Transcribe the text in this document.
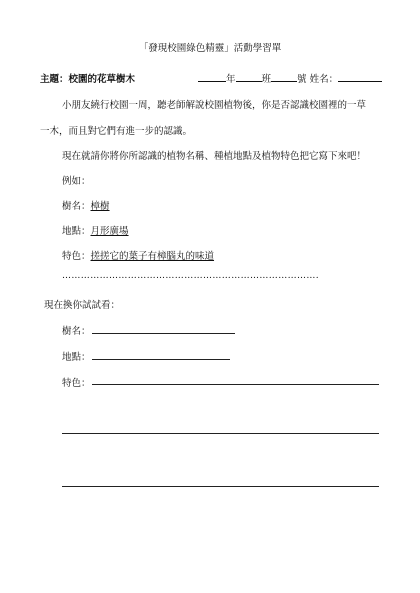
「發現校園綠色精靈」活動學習單
主題：校園的花草樹木	年	班	號 姓名：
小朋友繞行校園一周，聽老師解說校園植物後，你是否認識校園裡的一草
一木，而且對它們有進一步的認識。
現在就請你將你所認識的植物名稱、種植地點及植物特色把它寫下來吧！
例如：
樹名：樟樹
地點：月形廣場
特色：搓搓它的葉子有樟腦丸的味道
……………………………………………………………………….
現在換你試試看：
樹名：
地點：
特色：
